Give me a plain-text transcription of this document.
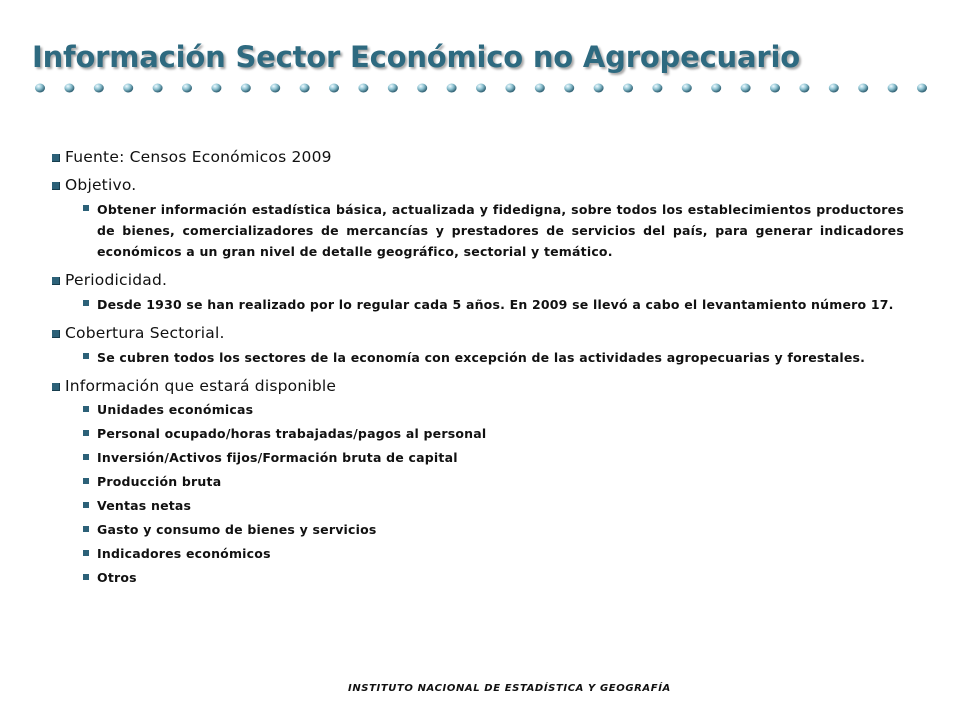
Información Sector Económico no Agropecuario
Fuente: Censos Económicos 2009
Objetivo.
Obtener información estadística básica, actualizada y fidedigna, sobre todos los establecimientos productores de bienes, comercializadores de mercancías y prestadores de servicios del país, para generar indicadores económicos a un gran nivel de detalle geográfico, sectorial y temático.
Periodicidad.
Desde 1930 se han realizado por lo regular cada 5 años. En 2009 se llevó a cabo el levantamiento número 17.
Cobertura Sectorial.
Se cubren todos los sectores de la economía con excepción de las actividades agropecuarias y forestales.
Información que estará disponible
Unidades económicas
Personal ocupado/horas trabajadas/pagos al personal
Inversión/Activos fijos/Formación bruta de capital
Producción bruta
Ventas netas
Gasto y consumo de bienes y servicios
Indicadores económicos
Otros
INSTITUTO NACIONAL DE ESTADÍSTICA Y GEOGRAFÍA
